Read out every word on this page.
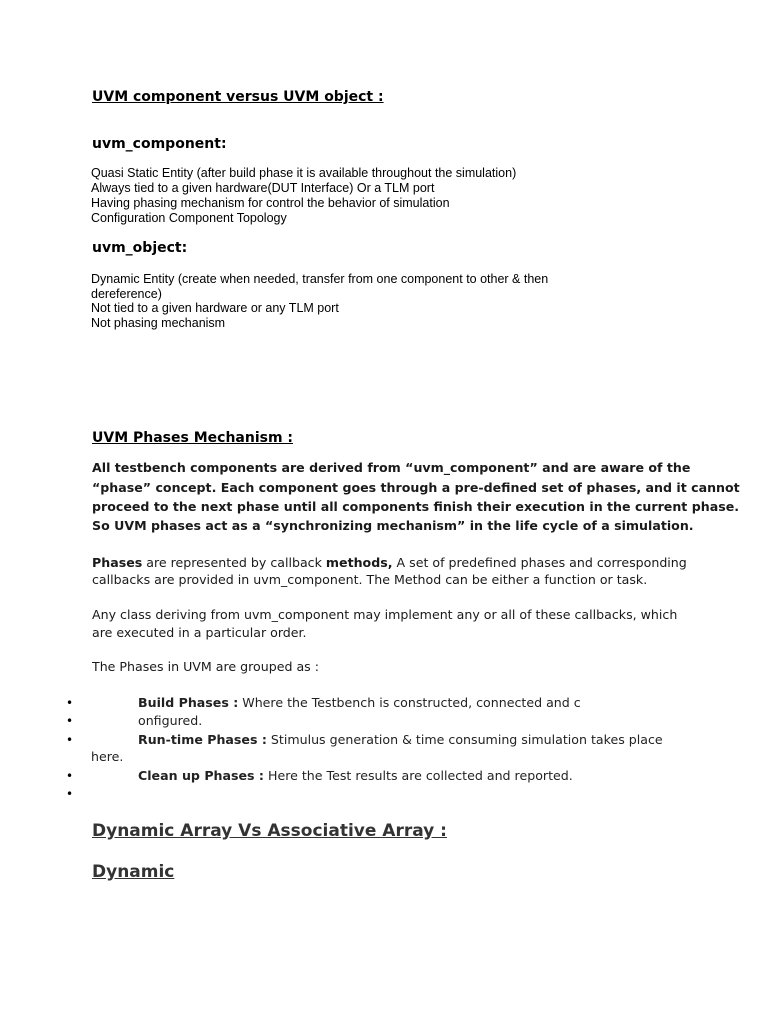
UVM component versus UVM object :
uvm_component:
Quasi Static Entity (after build phase it is available throughout the simulation)
Always tied to a given hardware(DUT Interface) Or a TLM port
Having phasing mechanism for control the behavior of simulation
Configuration Component Topology
uvm_object:
Dynamic Entity (create when needed, transfer from one component to other & then
dereference)
Not tied to a given hardware or any TLM port
Not phasing mechanism
UVM Phases Mechanism :
All testbench components are derived from “uvm_component” and are aware of the
“phase” concept. Each component goes through a pre-defined set of phases, and it cannot
proceed to the next phase until all components finish their execution in the current phase.
So UVM phases act as a “synchronizing mechanism” in the life cycle of a simulation.
Phases are represented by callback methods, A set of predefined phases and corresponding
callbacks are provided in uvm_component. The Method can be either a function or task.
Any class deriving from uvm_component may implement any or all of these callbacks, which
are executed in a particular order.
The Phases in UVM are grouped as :
•	Build Phases : Where the Testbench is constructed, connected and c
•	onfigured.
•	Run-time Phases : Stimulus generation & time consuming simulation takes place
here.
•	Clean up Phases : Here the Test results are collected and reported.
•
Dynamic Array Vs Associative Array :
Dynamic
